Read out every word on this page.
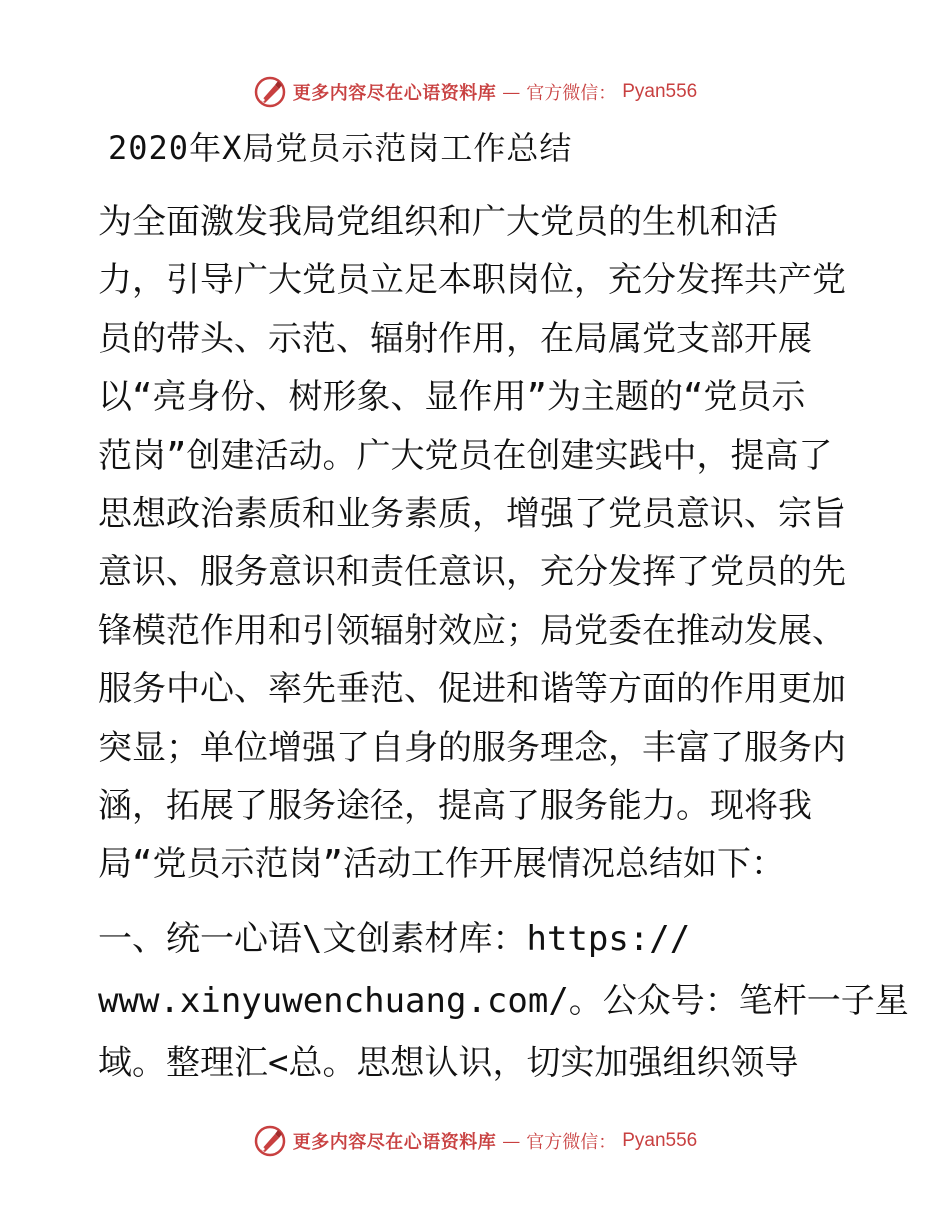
更多内容尽在心语资料库 — 官方微信： Pyan556
2020年X局党员示范岗工作总结
为全面激发我局党组织和广大党员的生机和活
力，引导广大党员立足本职岗位，充分发挥共产党
员的带头、示范、辐射作用，在局属党支部开展
以“亮身份、树形象、显作用”为主题的“党员示
范岗”创建活动。广大党员在创建实践中，提高了
思想政治素质和业务素质，增强了党员意识、宗旨
意识、服务意识和责任意识，充分发挥了党员的先
锋模范作用和引领辐射效应；局党委在推动发展、
服务中心、率先垂范、促进和谐等方面的作用更加
突显；单位增强了自身的服务理念，丰富了服务内
涵，拓展了服务途径，提高了服务能力。现将我
局“党员示范岗”活动工作开展情况总结如下：
一、统一心语\文创素材库：https://
www.xinyuwenchuang.com/。公众号：笔杆一子星
域。整理汇<总。思想认识，切实加强组织领导
更多内容尽在心语资料库 — 官方微信： Pyan556
